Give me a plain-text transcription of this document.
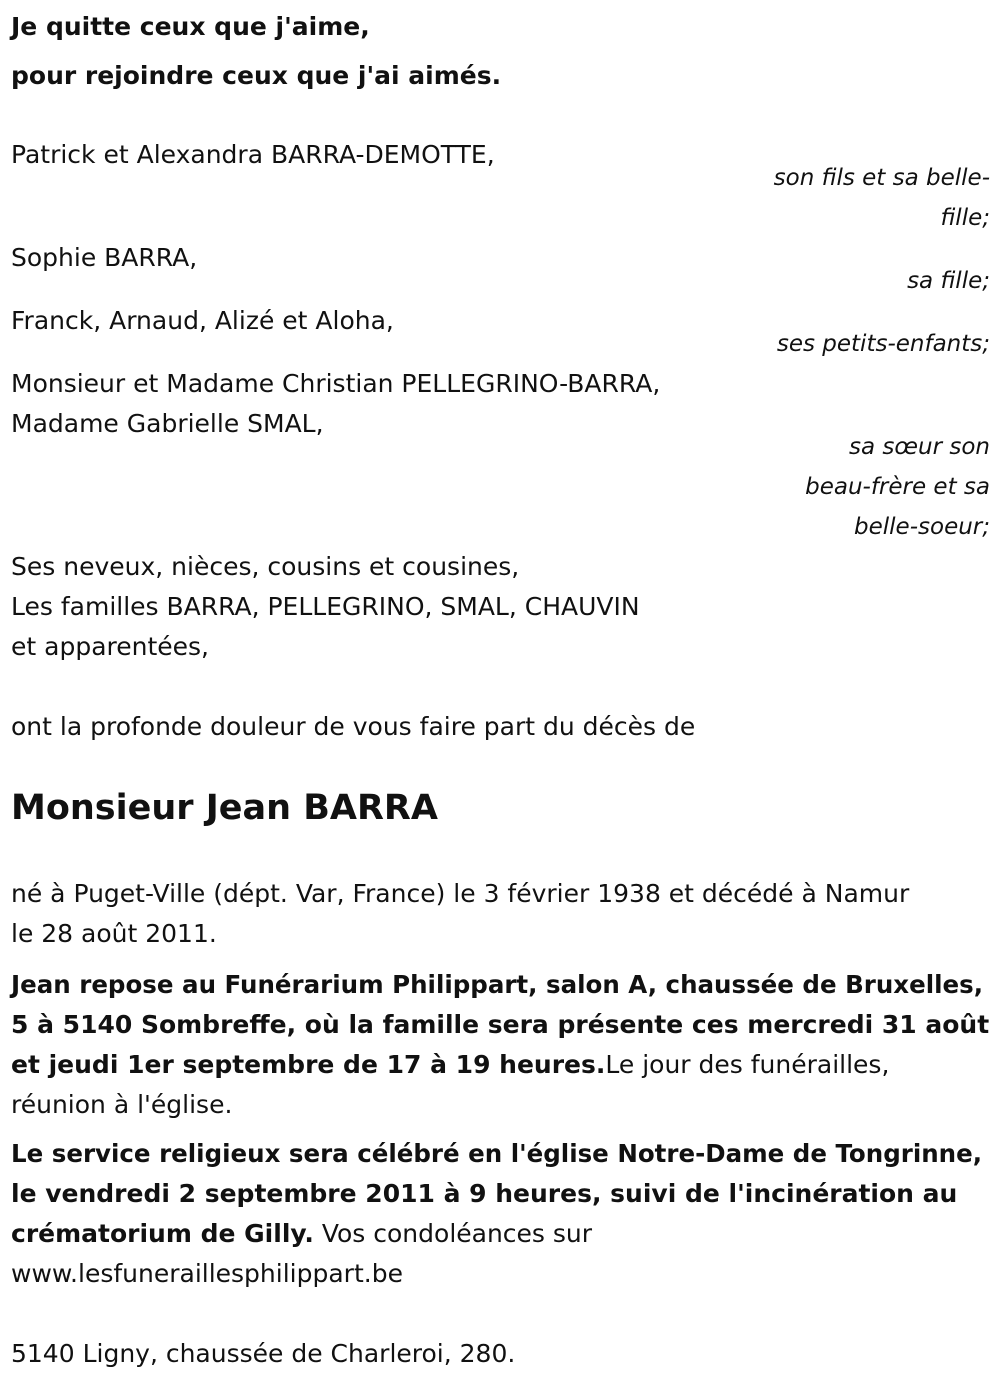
Je quitte ceux que j'aime,
pour rejoindre ceux que j'ai aimés.
Patrick et Alexandra BARRA-DEMOTTE,
son fils et sa belle-
fille;
Sophie BARRA,
sa fille;
Franck, Arnaud, Alizé et Aloha,
ses petits-enfants;
Monsieur et Madame Christian PELLEGRINO-BARRA,
Madame Gabrielle SMAL,
sa sœur son
beau-frère et sa
belle-soeur;
Ses neveux, nièces, cousins et cousines,
Les familles BARRA, PELLEGRINO, SMAL, CHAUVIN
et apparentées,
ont la profonde douleur de vous faire part du décès de
Monsieur Jean BARRA
né à Puget-Ville (dépt. Var, France) le 3 février 1938 et décédé à Namur
le 28 août 2011.
Jean repose au Funérarium Philippart, salon A, chaussée de Bruxelles,
5 à 5140 Sombreffe, où la famille sera présente ces mercredi 31 août
et jeudi 1er septembre de 17 à 19 heures.Le jour des funérailles,
réunion à l'église.
Le service religieux sera célébré en l'église Notre-Dame de Tongrinne,
le vendredi 2 septembre 2011 à 9 heures, suivi de l'incinération au
crématorium de Gilly. Vos condoléances sur
www.lesfuneraillesphilippart.be
5140 Ligny, chaussée de Charleroi, 280.
